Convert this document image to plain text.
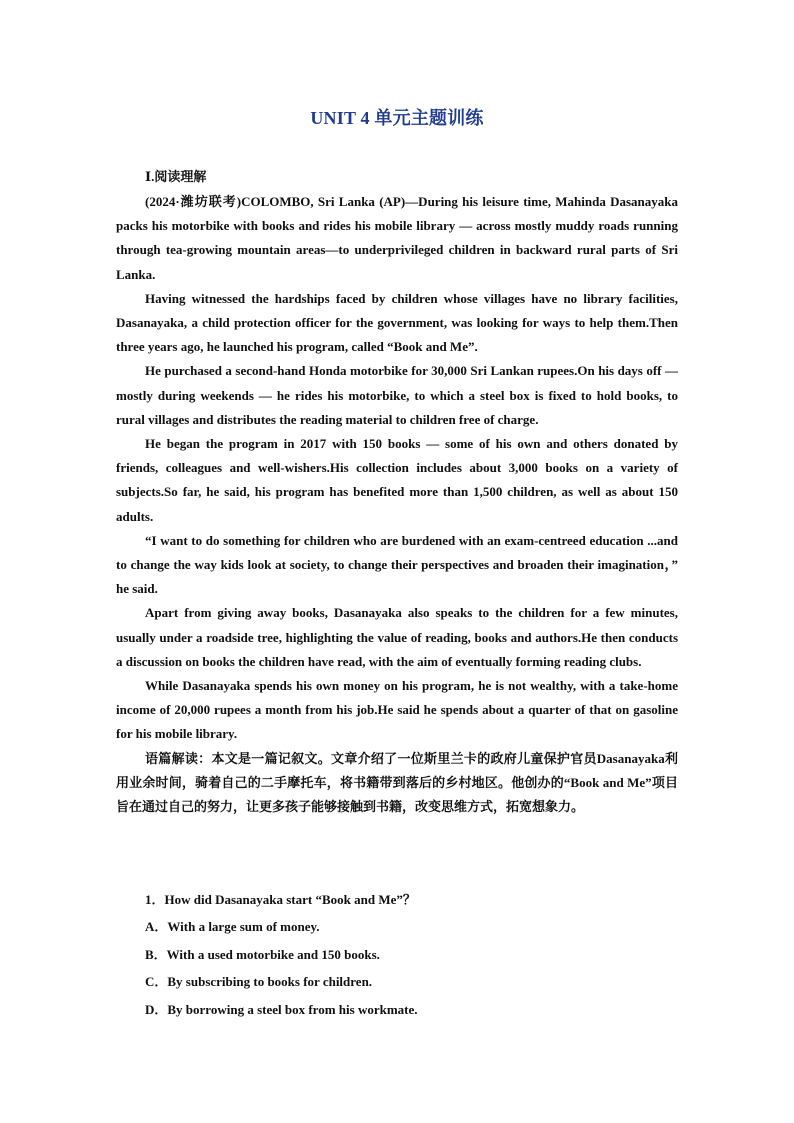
UNIT 4 单元主题训练
Ⅰ.阅读理解

(2024·潍坊联考)COLOMBO, Sri Lanka (AP)—During his leisure time, Mahinda Dasanayaka packs his motorbike with books and rides his mobile library — across mostly muddy roads running through tea-growing mountain areas—to underprivileged children in backward rural parts of Sri Lanka.

Having witnessed the hardships faced by children whose villages have no library facilities, Dasanayaka, a child protection officer for the government, was looking for ways to help them.Then three years ago, he launched his program, called “Book and Me”.

He purchased a second-hand Honda motorbike for 30,000 Sri Lankan rupees.On his days off — mostly during weekends — he rides his motorbike, to which a steel box is fixed to hold books, to rural villages and distributes the reading material to children free of charge.

He began the program in 2017 with 150 books — some of his own and others donated by friends, colleagues and well-wishers.His collection includes about 3,000 books on a variety of subjects.So far, he said, his program has benefited more than 1,500 children, as well as about 150 adults.

“I want to do something for children who are burdened with an exam-centreed education ...and to change the way kids look at society, to change their perspectives and broaden their imagination，” he said.

Apart from giving away books, Dasanayaka also speaks to the children for a few minutes, usually under a roadside tree, highlighting the value of reading, books and authors.He then conducts a discussion on books the children have read, with the aim of eventually forming reading clubs.

While Dasanayaka spends his own money on his program, he is not wealthy, with a take-home income of 20,000 rupees a month from his job.He said he spends about a quarter of that on gasoline for his mobile library.

语篇解读：本文是一篇记叙文。文章介绍了一位斯里兰卡的政府儿童保护官员Dasanayaka利用业余时间，骑着自己的二手摩托车，将书籍带到落后的乡村地区。他创办的“Book and Me”项目旨在通过自己的努力，让更多孩子能够接触到书籍，改变思维方式，拓宽想象力。

1．How did Dasanayaka start “Book and Me”？
A．With a large sum of money.
B．With a used motorbike and 150 books.
C．By subscribing to books for children.
D．By borrowing a steel box from his workmate.
